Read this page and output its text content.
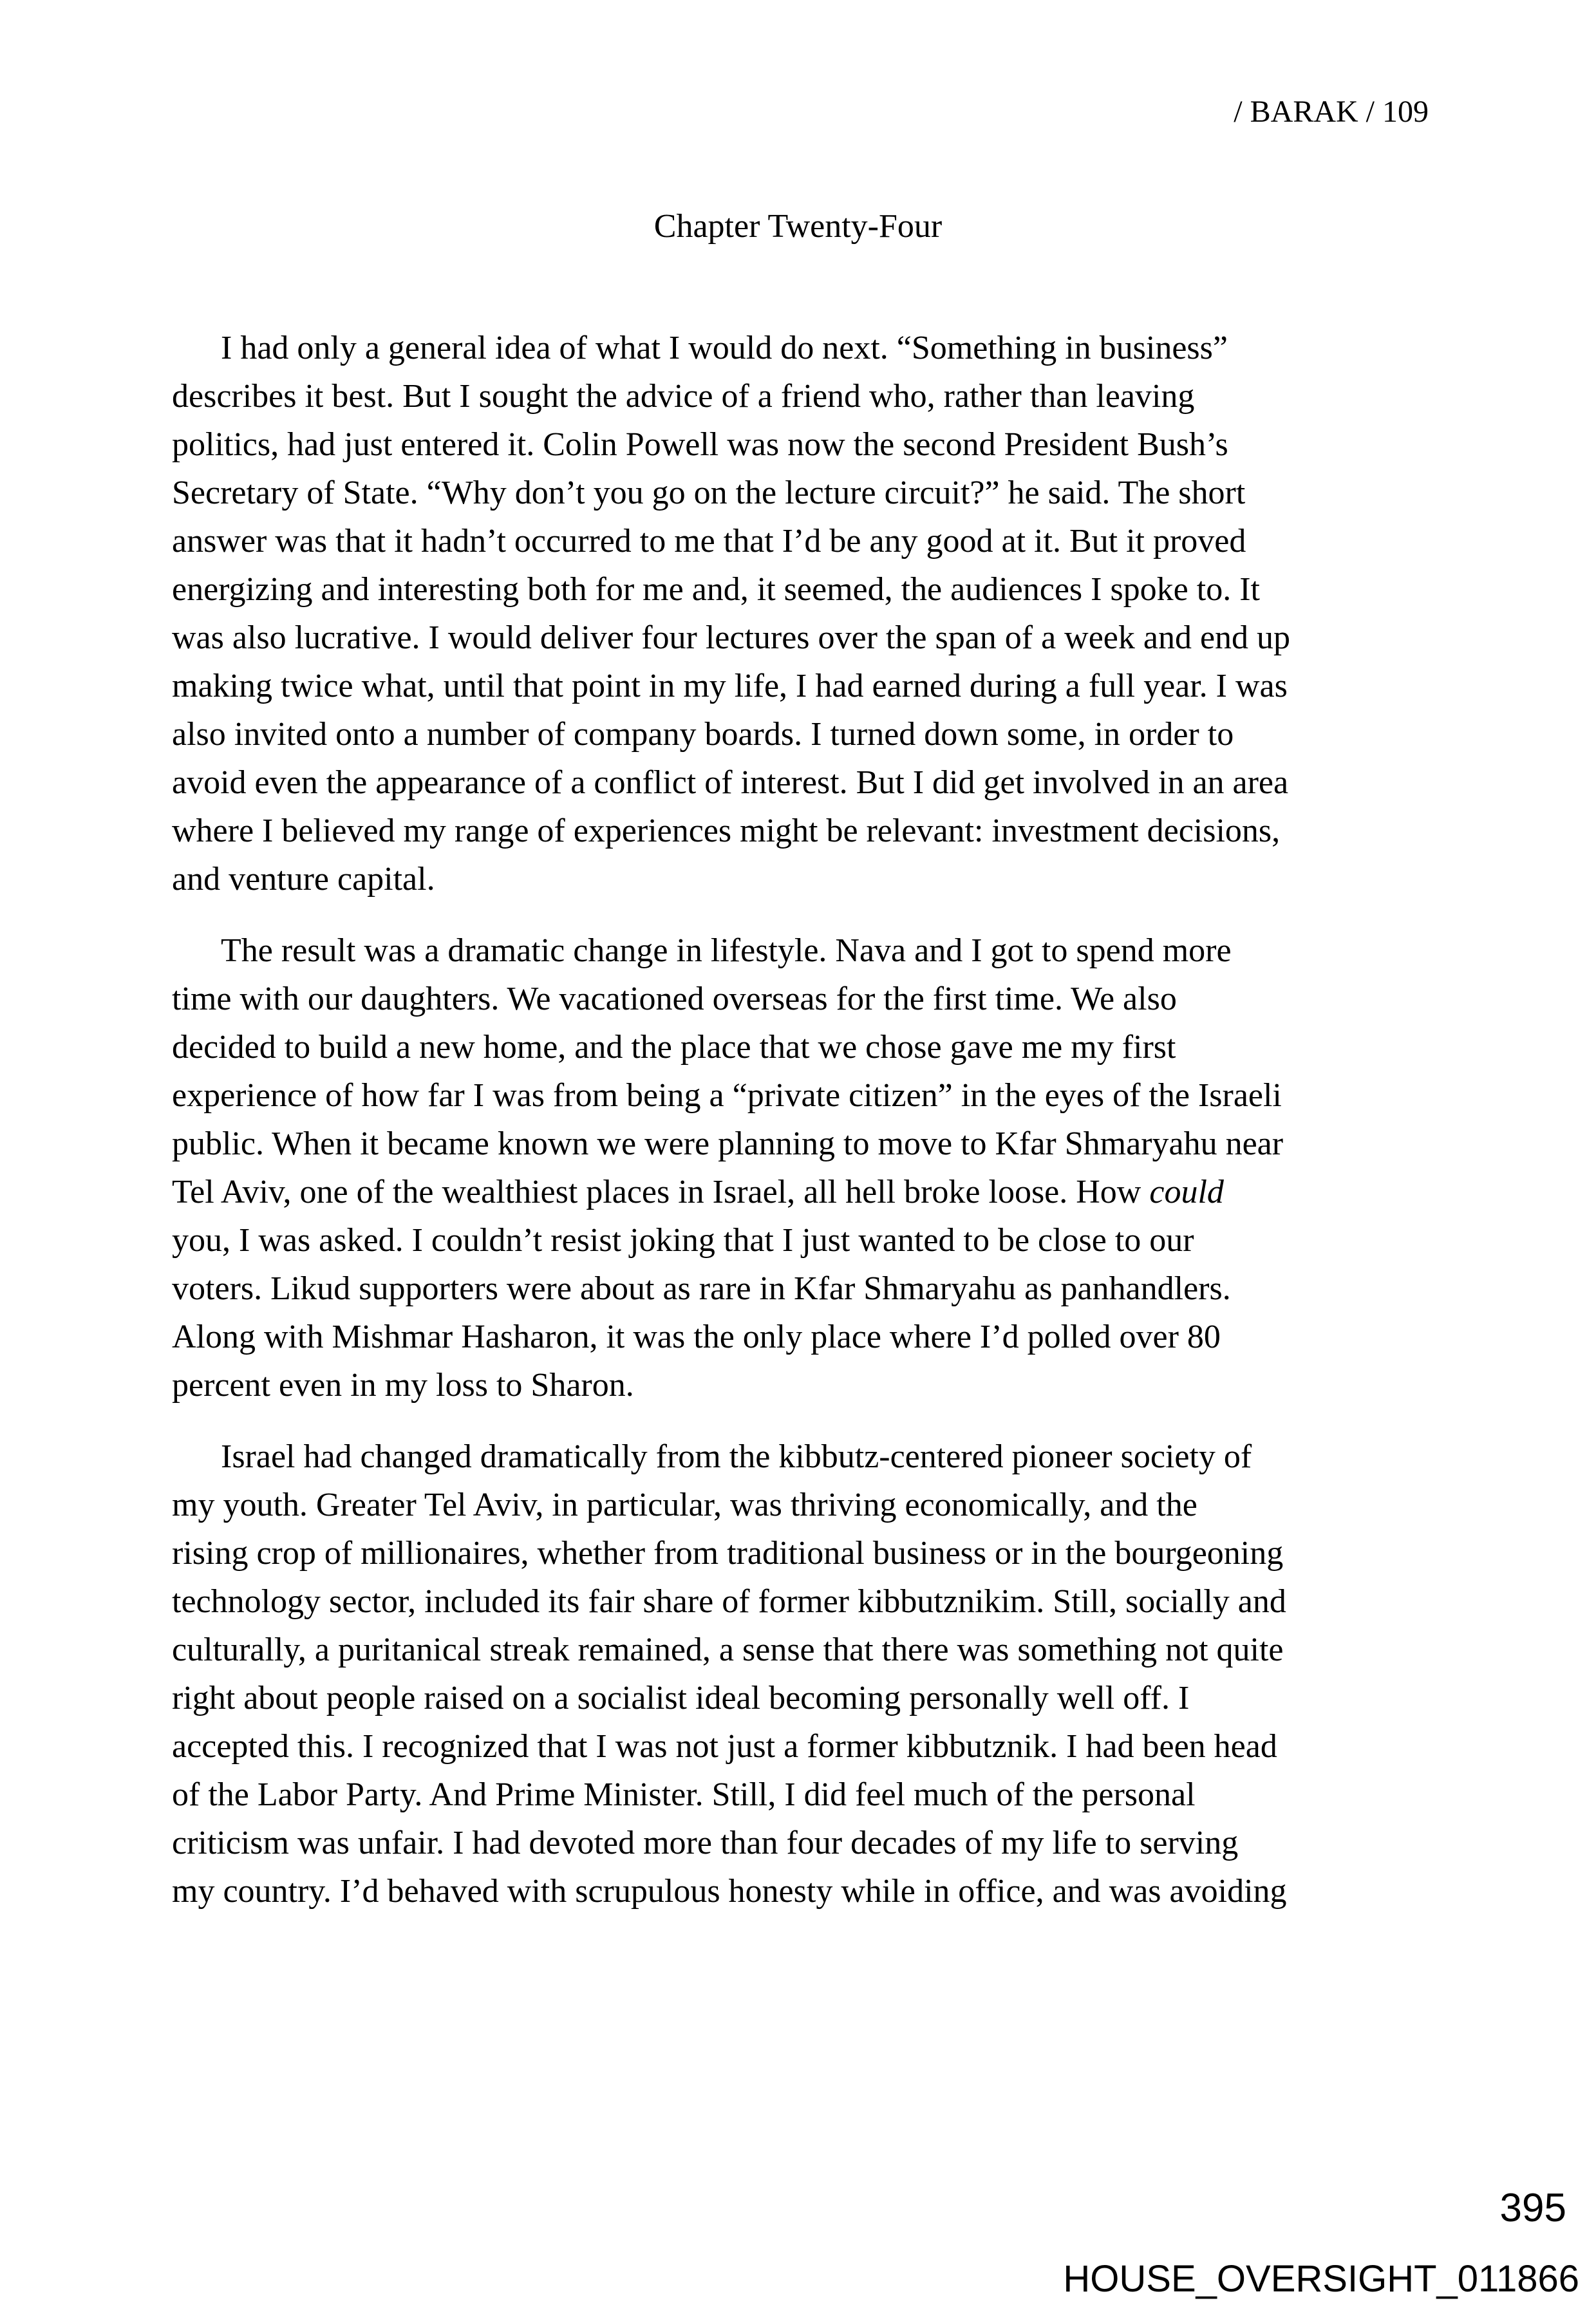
/ BARAK / 109
Chapter Twenty-Four
I had only a general idea of what I would do next. “Something in business”
describes it best. But I sought the advice of a friend who, rather than leaving
politics, had just entered it. Colin Powell was now the second President Bush’s
Secretary of State. “Why don’t you go on the lecture circuit?” he said. The short
answer was that it hadn’t occurred to me that I’d be any good at it. But it proved
energizing and interesting both for me and, it seemed, the audiences I spoke to. It
was also lucrative. I would deliver four lectures over the span of a week and end up
making twice what, until that point in my life, I had earned during a full year. I was
also invited onto a number of company boards. I turned down some, in order to
avoid even the appearance of a conflict of interest. But I did get involved in an area
where I believed my range of experiences might be relevant: investment decisions,
and venture capital.
The result was a dramatic change in lifestyle. Nava and I got to spend more
time with our daughters. We vacationed overseas for the first time. We also
decided to build a new home, and the place that we chose gave me my first
experience of how far I was from being a “private citizen” in the eyes of the Israeli
public. When it became known we were planning to move to Kfar Shmaryahu near
Tel Aviv, one of the wealthiest places in Israel, all hell broke loose. How could
you, I was asked. I couldn’t resist joking that I just wanted to be close to our
voters. Likud supporters were about as rare in Kfar Shmaryahu as panhandlers.
Along with Mishmar Hasharon, it was the only place where I’d polled over 80
percent even in my loss to Sharon.
Israel had changed dramatically from the kibbutz-centered pioneer society of
my youth. Greater Tel Aviv, in particular, was thriving economically, and the
rising crop of millionaires, whether from traditional business or in the bourgeoning
technology sector, included its fair share of former kibbutznikim. Still, socially and
culturally, a puritanical streak remained, a sense that there was something not quite
right about people raised on a socialist ideal becoming personally well off. I
accepted this. I recognized that I was not just a former kibbutznik. I had been head
of the Labor Party. And Prime Minister. Still, I did feel much of the personal
criticism was unfair. I had devoted more than four decades of my life to serving
my country. I’d behaved with scrupulous honesty while in office, and was avoiding
395
HOUSE_OVERSIGHT_011866
